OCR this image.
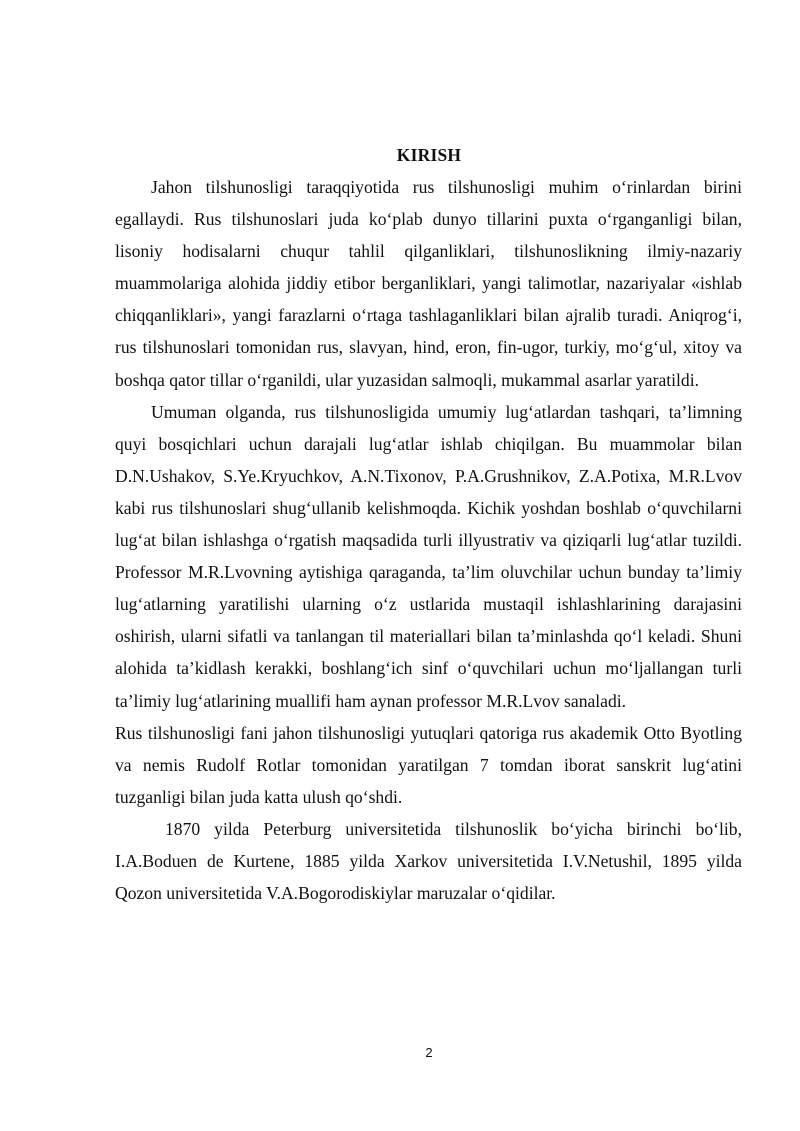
KIRISH

Jahon tilshunosligi taraqqiyotida rus tilshunosligi muhim o‘rinlardan birini egallaydi. Rus tilshunoslari juda ko‘plab dunyo tillarini puxta o‘rganganligi bilan, lisoniy hodisalarni chuqur tahlil qilganliklari, tilshunoslikning ilmiy-nazariy muammolariga alohida jiddiy etibor berganliklari, yangi talimotlar, nazariyalar «ishlab chiqqanliklari», yangi farazlarni o‘rtaga tashlaganliklari bilan ajralib turadi. Aniqrog‘i, rus tilshunoslari tomonidan rus, slavyan, hind, eron, fin-ugor, turkiy, mo‘g‘ul, xitoy va boshqa qator tillar o‘rganildi, ular yuzasidan salmoqli, mukammal asarlar yaratildi.

Umuman olganda, rus tilshunosligida umumiy lug‘atlardan tashqari, ta’limning quyi bosqichlari uchun darajali lug‘atlar ishlab chiqilgan. Bu muammolar bilan D.N.Ushakov, S.Ye.Kryuchkov, A.N.Tixonov, P.A.Grushnikov, Z.A.Potixa, M.R.Lvov kabi rus tilshunoslari shug‘ullanib kelishmoqda. Kichik yoshdan boshlab o‘quvchilarni lug‘at bilan ishlashga o‘rgatish maqsadida turli illyustrativ va qiziqarli lug‘atlar tuzildi. Professor M.R.Lvovning aytishiga qaraganda, ta’lim oluvchilar uchun bunday ta’limiy lug‘atlarning yaratilishi ularning o‘z ustlarida mustaqil ishlashlarining darajasini oshirish, ularni sifatli va tanlangan til materiallari bilan ta’minlashda qo‘l keladi. Shuni alohida ta’kidlash kerakki, boshlang‘ich sinf o‘quvchilari uchun mo‘ljallangan turli ta’limiy lug‘atlarining muallifi ham aynan professor M.R.Lvov sanaladi.

Rus tilshunosligi fani jahon tilshunosligi yutuqlari qatoriga rus akademik Otto Byotling va nemis Rudolf Rotlar tomonidan yaratilgan 7 tomdan iborat sanskrit lug‘atini tuzganligi bilan juda katta ulush qo‘shdi.

1870 yilda Peterburg universitetida tilshunoslik bo‘yicha birinchi bo‘lib, I.A.Boduen de Kurtene, 1885 yilda Xarkov universitetida I.V.Netushil, 1895 yilda Qozon universitetida V.A.Bogorodiskiylar maruzalar o‘qidilar.

2
